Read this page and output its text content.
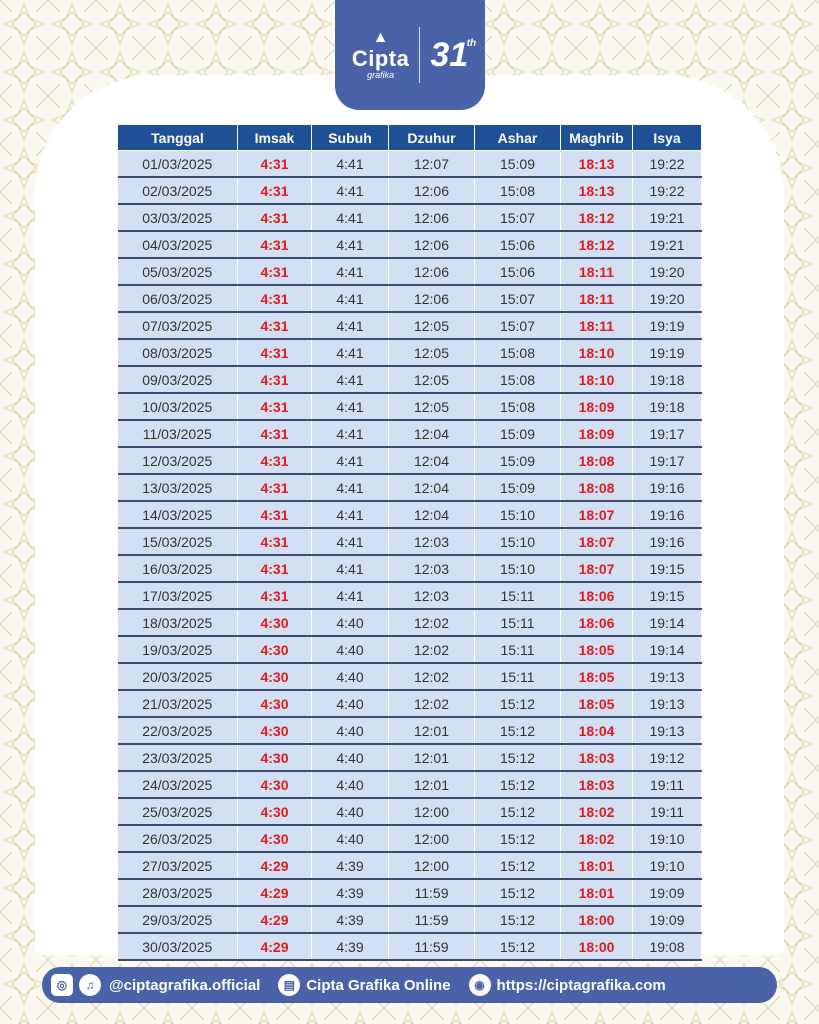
▲
Cipta
grafika
31
th
Tanggal	Imsak	Subuh	Dzuhur	Ashar	Maghrib	Isya
01/03/2025	4:31	4:41	12:07	15:09	18:13	19:22
02/03/2025	4:31	4:41	12:06	15:08	18:13	19:22
03/03/2025	4:31	4:41	12:06	15:07	18:12	19:21
04/03/2025	4:31	4:41	12:06	15:06	18:12	19:21
05/03/2025	4:31	4:41	12:06	15:06	18:11	19:20
06/03/2025	4:31	4:41	12:06	15:07	18:11	19:20
07/03/2025	4:31	4:41	12:05	15:07	18:11	19:19
08/03/2025	4:31	4:41	12:05	15:08	18:10	19:19
09/03/2025	4:31	4:41	12:05	15:08	18:10	19:18
10/03/2025	4:31	4:41	12:05	15:08	18:09	19:18
11/03/2025	4:31	4:41	12:04	15:09	18:09	19:17
12/03/2025	4:31	4:41	12:04	15:09	18:08	19:17
13/03/2025	4:31	4:41	12:04	15:09	18:08	19:16
14/03/2025	4:31	4:41	12:04	15:10	18:07	19:16
15/03/2025	4:31	4:41	12:03	15:10	18:07	19:16
16/03/2025	4:31	4:41	12:03	15:10	18:07	19:15
17/03/2025	4:31	4:41	12:03	15:11	18:06	19:15
18/03/2025	4:30	4:40	12:02	15:11	18:06	19:14
19/03/2025	4:30	4:40	12:02	15:11	18:05	19:14
20/03/2025	4:30	4:40	12:02	15:11	18:05	19:13
21/03/2025	4:30	4:40	12:02	15:12	18:05	19:13
22/03/2025	4:30	4:40	12:01	15:12	18:04	19:13
23/03/2025	4:30	4:40	12:01	15:12	18:03	19:12
24/03/2025	4:30	4:40	12:01	15:12	18:03	19:11
25/03/2025	4:30	4:40	12:00	15:12	18:02	19:11
26/03/2025	4:30	4:40	12:00	15:12	18:02	19:10
27/03/2025	4:29	4:39	12:00	15:12	18:01	19:10
28/03/2025	4:29	4:39	11:59	15:12	18:01	19:09
29/03/2025	4:29	4:39	11:59	15:12	18:00	19:09
30/03/2025	4:29	4:39	11:59	15:12	18:00	19:08
◎	♫ @ciptagrafika.official	▤ Cipta Grafika Online	◉ https://ciptagrafika.com
